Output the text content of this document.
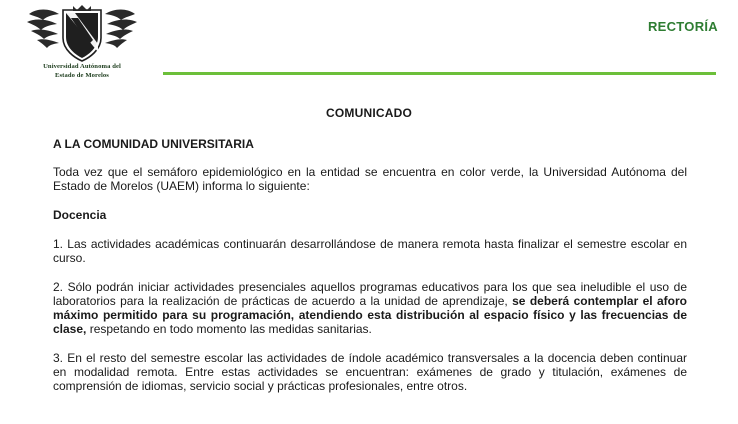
Universidad Autónoma del
Estado de Morelos
RECTORÍA
COMUNICADO

A LA COMUNIDAD UNIVERSITARIA

Toda vez que el semáforo epidemiológico en la entidad se encuentra en color verde, la Universidad Autónoma del Estado de Morelos (UAEM) informa lo siguiente:

Docencia

1. Las actividades académicas continuarán desarrollándose de manera remota hasta finalizar el semestre escolar en curso.

2. Sólo podrán iniciar actividades presenciales aquellos programas educativos para los que sea ineludible el uso de laboratorios para la realización de prácticas de acuerdo a la unidad de aprendizaje, se deberá contemplar el aforo máximo permitido para su programación, atendiendo esta distribución al espacio físico y las frecuencias de clase, respetando en todo momento las medidas sanitarias.

3. En el resto del semestre escolar las actividades de índole académico transversales a la docencia deben continuar en modalidad remota. Entre estas actividades se encuentran: exámenes de grado y titulación, exámenes de comprensión de idiomas, servicio social y prácticas profesionales, entre otros.
